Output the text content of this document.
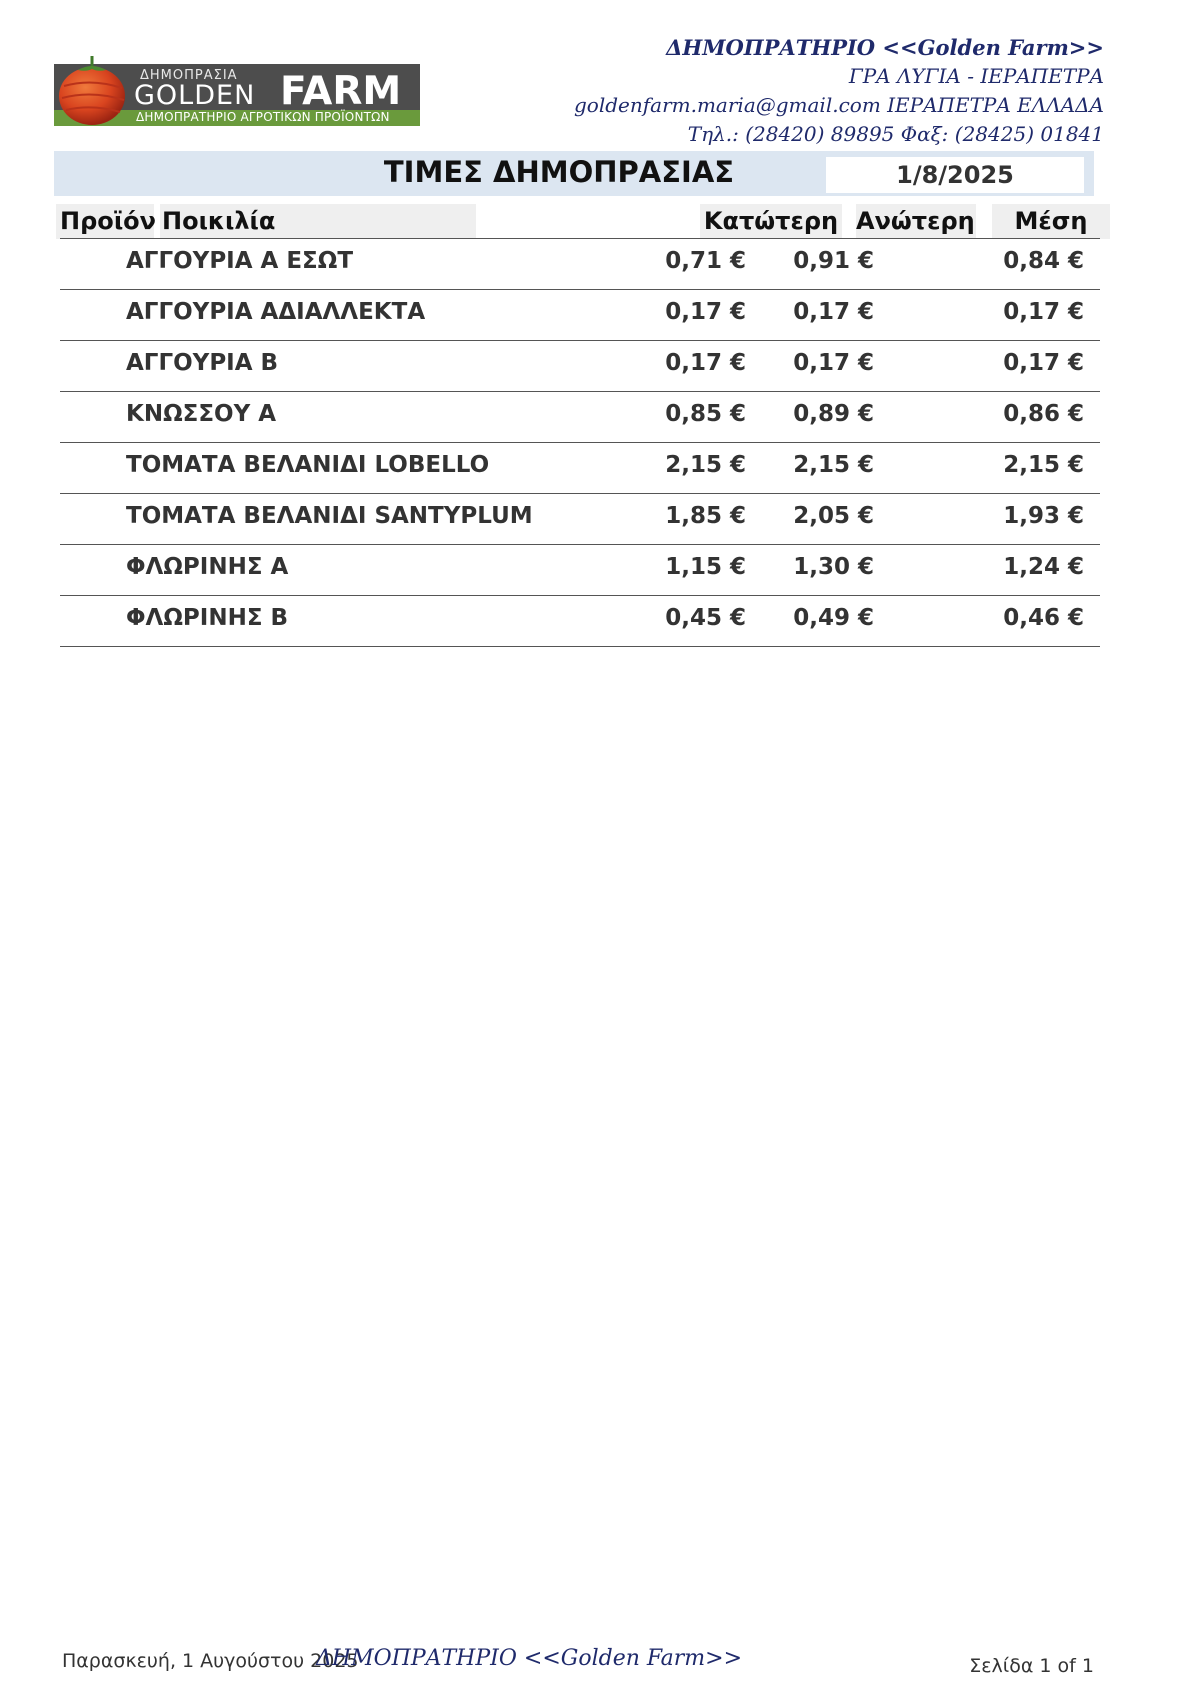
ΔΗΜΟΠΡΑΣΙΑ
GOLDEN FARM
ΔΗΜΟΠΡΑΤΗΡΙΟ ΑΓΡΟΤΙΚΩΝ ΠΡΟΪΟΝΤΩΝ
ΔΗΜΟΠΡΑΤΗΡΙΟ <<Golden Farm>>
ΓΡΑ ΛΥΓΙΑ - ΙΕΡΑΠΕΤΡΑ
goldenfarm.maria@gmail.com ΙΕΡΑΠΕΤΡΑ ΕΛΛΑΔΑ
Τηλ.: (28420) 89895 Φαξ: (28425) 01841
ΤΙΜΕΣ ΔΗΜΟΠΡΑΣΙΑΣ	1/8/2025
Προϊόν Ποικιλία	Κατώτερη Ανώτερη	Μέση
ΑΓΓΟΥΡΙΑ Α ΕΣΩΤ	0,71 €	0,91 €	0,84 €
ΑΓΓΟΥΡΙΑ ΑΔΙΑΛΛΕΚΤΑ	0,17 €	0,17 €	0,17 €
ΑΓΓΟΥΡΙΑ Β	0,17 €	0,17 €	0,17 €
ΚΝΩΣΣΟΥ Α	0,85 €	0,89 €	0,86 €
ΤΟΜΑΤΑ ΒΕΛΑΝΙΔΙ LOBELLO	2,15 €	2,15 €	2,15 €
ΤΟΜΑΤΑ ΒΕΛΑΝΙΔΙ SANTYPLUM	1,85 €	2,05 €	1,93 €
ΦΛΩΡΙΝΗΣ Α	1,15 €	1,30 €	1,24 €
ΦΛΩΡΙΝΗΣ Β	0,45 €	0,49 €	0,46 €
Παρασκευή, 1 Αυγούστου 2025
ΔΗΜΟΠΡΑΤΗΡΙΟ <<Golden Farm>>	Σελίδα 1 of 1
